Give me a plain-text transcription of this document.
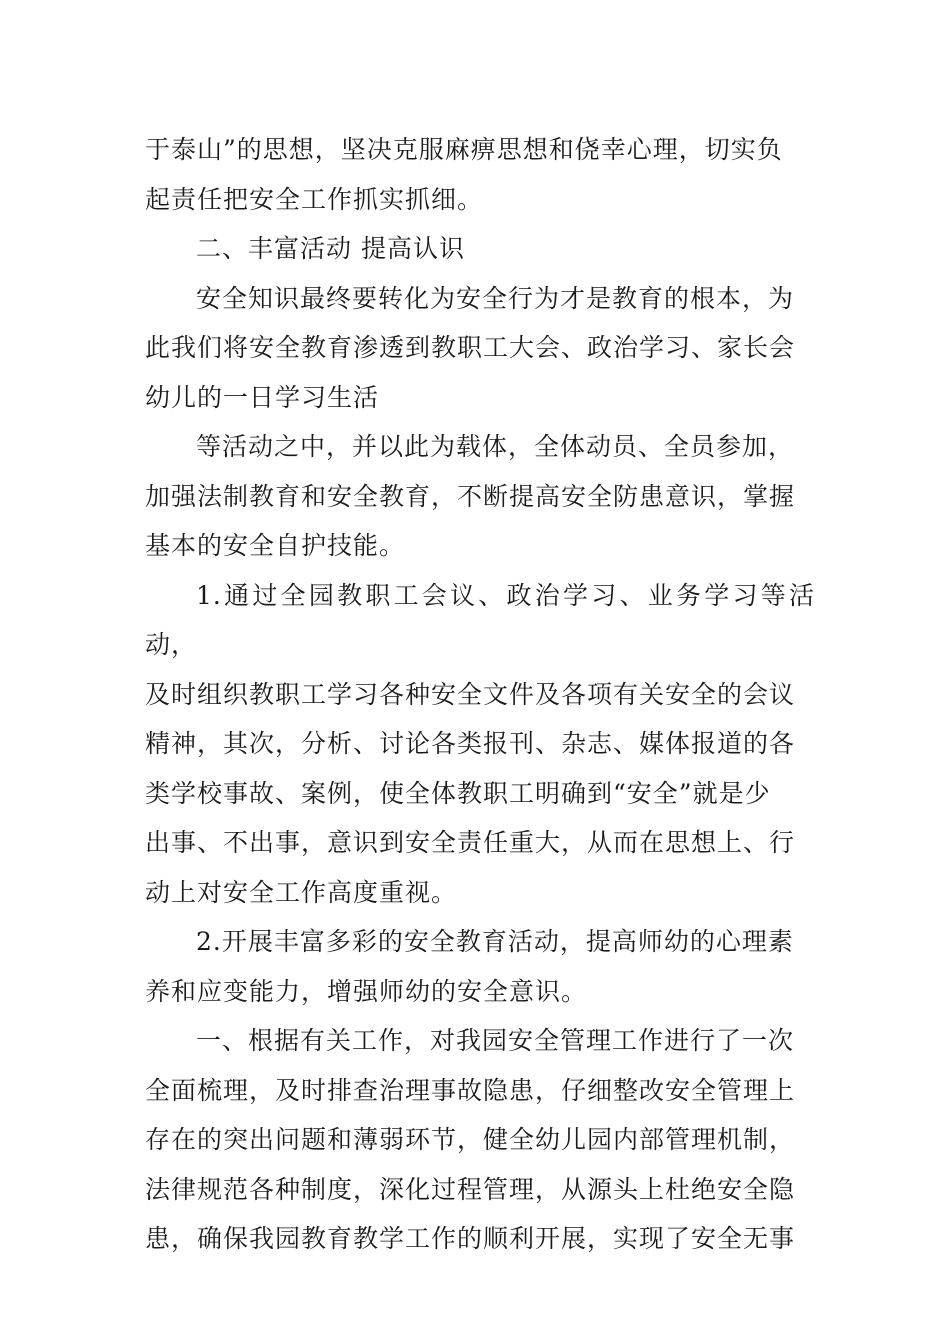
于泰山”的思想，坚决克服麻痹思想和侥幸心理，切实负
起责任把安全工作抓实抓细。

二、丰富活动 提高认识

安全知识最终要转化为安全行为才是教育的根本，为
此我们将安全教育渗透到教职工大会、政治学习、家长会
幼儿的一日学习生活

等活动之中，并以此为载体，全体动员、全员参加，
加强法制教育和安全教育，不断提高安全防患意识，掌握
基本的安全自护技能。

1.通过全园教职工会议、政治学习、业务学习等活动，
及时组织教职工学习各种安全文件及各项有关安全的会议
精神，其次，分析、讨论各类报刊、杂志、媒体报道的各
类学校事故、案例，使全体教职工明确到“安全”就是少
出事、不出事，意识到安全责任重大，从而在思想上、行
动上对安全工作高度重视。

2.开展丰富多彩的安全教育活动，提高师幼的心理素
养和应变能力，增强师幼的安全意识。

一、根据有关工作，对我园安全管理工作进行了一次
全面梳理，及时排查治理事故隐患，仔细整改安全管理上
存在的突出问题和薄弱环节，健全幼儿园内部管理机制，
法律规范各种制度，深化过程管理，从源头上杜绝安全隐
患，确保我园教育教学工作的顺利开展，实现了安全无事
